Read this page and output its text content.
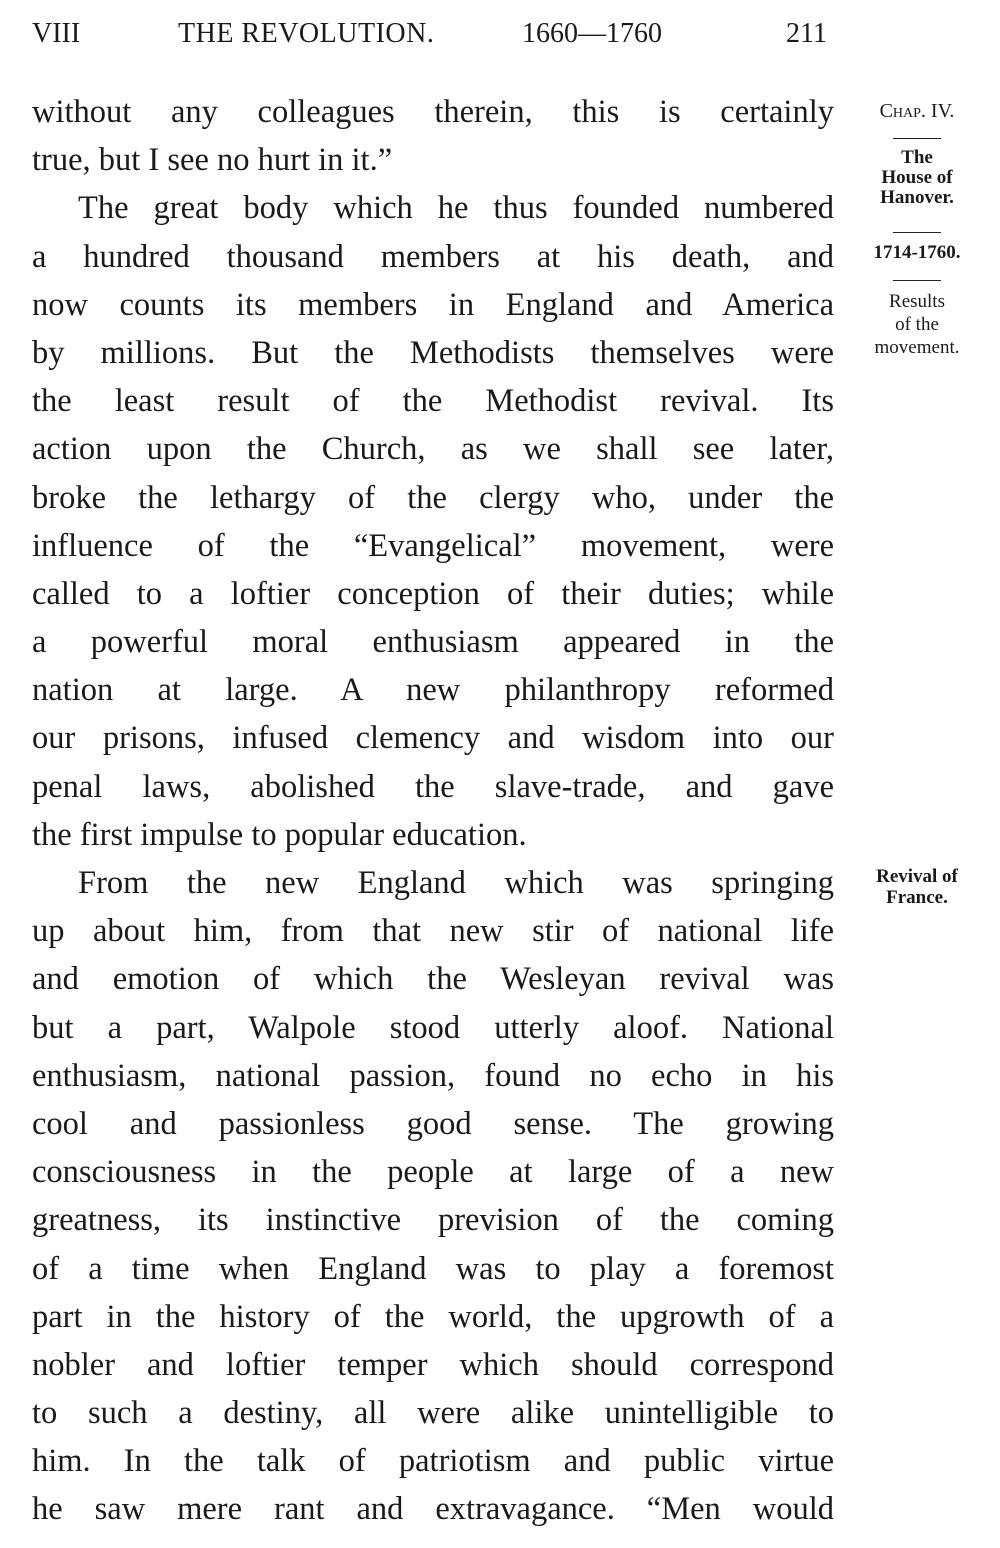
VIII	THE REVOLUTION.	1660—1760	211
without any colleagues therein, this is certainly
true, but I see no hurt in it.”
The great body which he thus founded numbered
a hundred thousand members at his death, and
now counts its members in England and America
by millions. But the Methodists themselves were
the least result of the Methodist revival. Its
action upon the Church, as we shall see later,
broke the lethargy of the clergy who, under the
influence of the “Evangelical” movement, were
called to a loftier conception of their duties; while
a powerful moral enthusiasm appeared in the
nation at large. A new philanthropy reformed
our prisons, infused clemency and wisdom into our
penal laws, abolished the slave-trade, and gave
the first impulse to popular education.
From the new England which was springing
up about him, from that new stir of national life
and emotion of which the Wesleyan revival was
but a part, Walpole stood utterly aloof. National
enthusiasm, national passion, found no echo in his
cool and passionless good sense. The growing
consciousness in the people at large of a new
greatness, its instinctive prevision of the coming
of a time when England was to play a foremost
part in the history of the world, the upgrowth of a
nobler and loftier temper which should correspond
to such a destiny, all were alike unintelligible to
him. In the talk of patriotism and public virtue
he saw mere rant and extravagance. “Men would
Chap. IV.
The
House of
Hanover.
1714-1760.
Results
of the
movement.
Revival of
France.
